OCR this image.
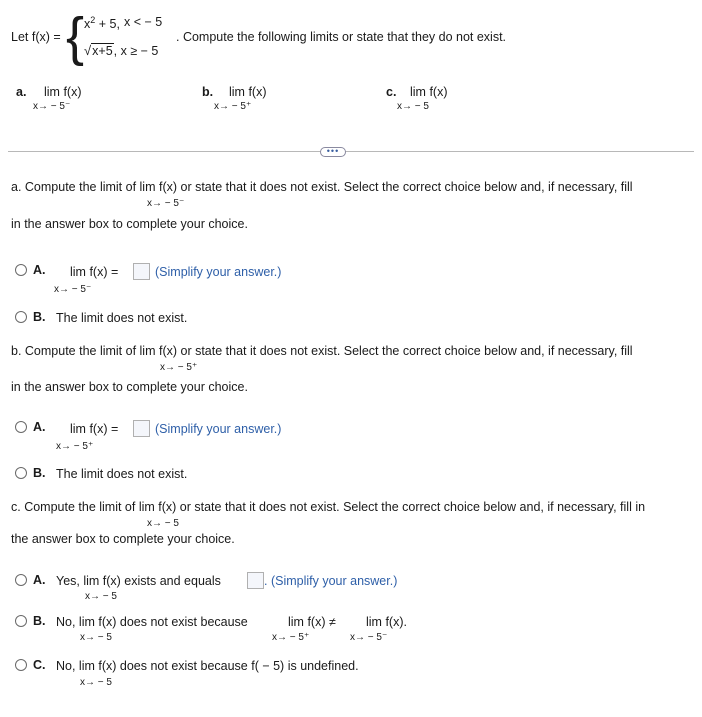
Let f(x) = { $x^2 + 5$, x < − 5
√x+5, x ≥ − 5
. Compute the following limits or state that they do not exist.
a. lim f(x)
x→ − 5⁻
b. lim f(x)
x→ − 5⁺
c. lim f(x)
x→ − 5
•••
a. Compute the limit of lim f(x) or state that it does not exist. Select the correct choice below and, if necessary, fill
x→ − 5⁻
in the answer box to complete your choice.
A. lim f(x) =
x→ − 5⁻
(Simplify your answer.)
B. The limit does not exist.
b. Compute the limit of lim f(x) or state that it does not exist. Select the correct choice below and, if necessary, fill
x→ − 5⁺
in the answer box to complete your choice.
A. lim f(x) =
x→ − 5⁺
(Simplify your answer.)
B. The limit does not exist.
c. Compute the limit of lim f(x) or state that it does not exist. Select the correct choice below and, if necessary, fill in
x→ − 5
the answer box to complete your choice.
A. Yes, lim f(x) exists and equals
x→ − 5
. (Simplify your answer.)
B. No, lim f(x) does not exist because
x→ − 5
lim f(x) ≠
x→ − 5⁺
lim f(x).
x→ − 5⁻
C. No, lim f(x) does not exist because f( − 5) is undefined.
x→ − 5
